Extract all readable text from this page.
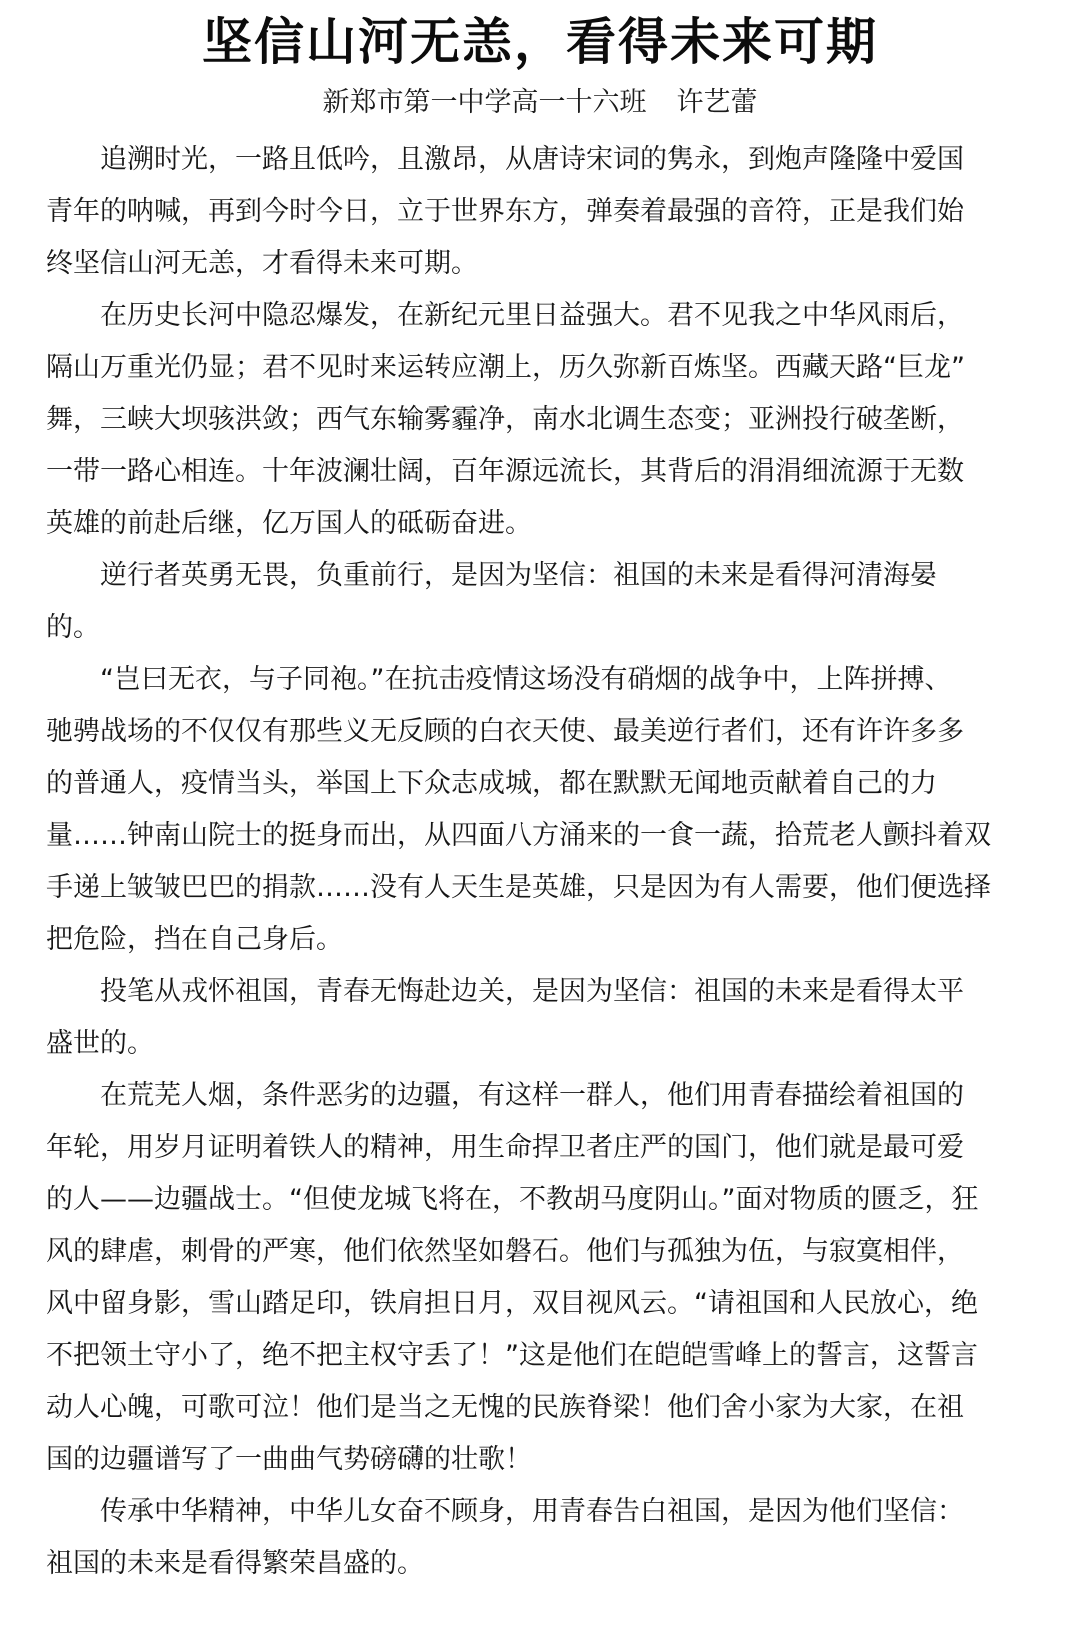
坚信山河无恙，看得未来可期

新郑市第一中学高一十六班 许艺蕾

追溯时光，一路且低吟，且激昂，从唐诗宋词的隽永，到炮声隆隆中爱国
青年的呐喊，再到今时今日，立于世界东方，弹奏着最强的音符，正是我们始
终坚信山河无恙，才看得未来可期。

在历史长河中隐忍爆发，在新纪元里日益强大。君不见我之中华风雨后，
隔山万重光仍显；君不见时来运转应潮上，历久弥新百炼坚。西藏天路“巨龙”
舞，三峡大坝骇洪敛；西气东输雾霾净，南水北调生态变；亚洲投行破垄断，
一带一路心相连。十年波澜壮阔，百年源远流长，其背后的涓涓细流源于无数
英雄的前赴后继，亿万国人的砥砺奋进。

逆行者英勇无畏，负重前行，是因为坚信：祖国的未来是看得河清海晏
的。

“岂曰无衣，与子同袍。”在抗击疫情这场没有硝烟的战争中，上阵拼搏、
驰骋战场的不仅仅有那些义无反顾的白衣天使、最美逆行者们，还有许许多多
的普通人，疫情当头，举国上下众志成城，都在默默无闻地贡献着自己的力
量……钟南山院士的挺身而出，从四面八方涌来的一食一蔬，拾荒老人颤抖着双
手递上皱皱巴巴的捐款……没有人天生是英雄，只是因为有人需要，他们便选择
把危险，挡在自己身后。

投笔从戎怀祖国，青春无悔赴边关，是因为坚信：祖国的未来是看得太平
盛世的。

在荒芜人烟，条件恶劣的边疆，有这样一群人，他们用青春描绘着祖国的
年轮，用岁月证明着铁人的精神，用生命捍卫者庄严的国门，他们就是最可爱
的人——边疆战士。“但使龙城飞将在，不教胡马度阴山。”面对物质的匮乏，狂
风的肆虐，刺骨的严寒，他们依然坚如磐石。他们与孤独为伍，与寂寞相伴，
风中留身影，雪山踏足印，铁肩担日月，双目视风云。“请祖国和人民放心，绝
不把领土守小了，绝不把主权守丢了！”这是他们在皑皑雪峰上的誓言，这誓言
动人心魄，可歌可泣！他们是当之无愧的民族脊梁！他们舍小家为大家，在祖
国的边疆谱写了一曲曲气势磅礴的壮歌！

传承中华精神，中华儿女奋不顾身，用青春告白祖国，是因为他们坚信：
祖国的未来是看得繁荣昌盛的。
